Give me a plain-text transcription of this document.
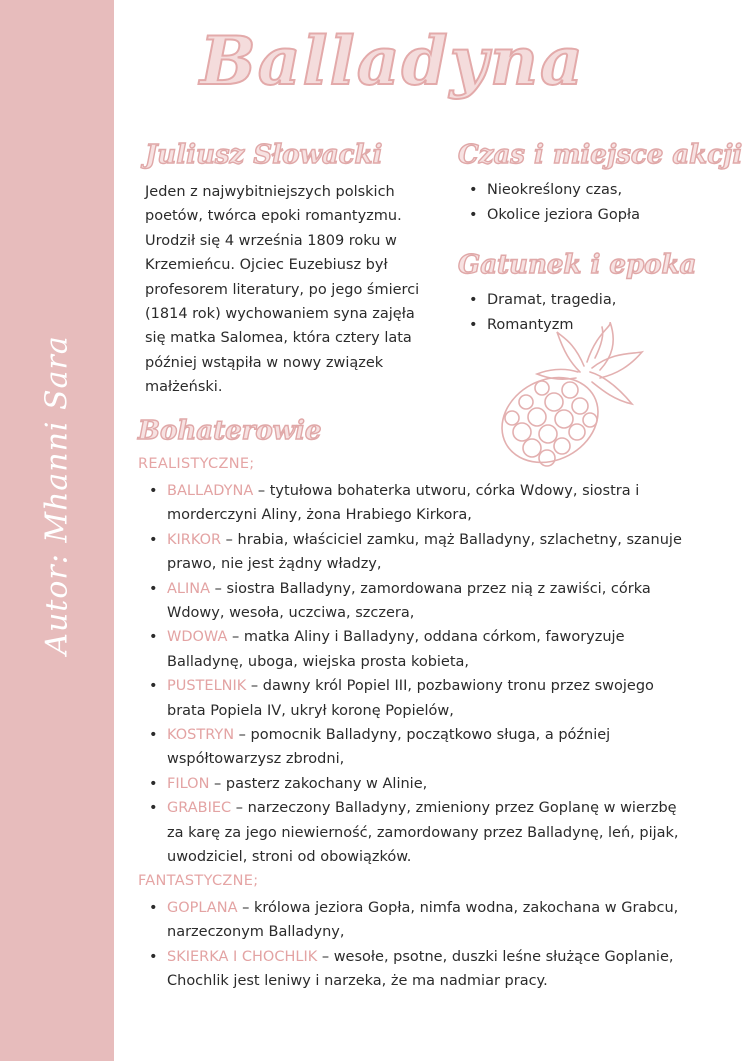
Autor: Mhanni Sara
Balladyna
Juliusz Słowacki

Jeden z najwybitniejszych polskich poetów, twórca epoki romantyzmu. Urodził się 4 września 1809 roku w Krzemieńcu. Ojciec Euzebiusz był profesorem literatury, po jego śmierci (1814 rok) wychowaniem syna zajęła się matka Salomea, która cztery lata później wstąpiła w nowy związek małżeński.

Czas i miejsce akcji
• Nieokreślony czas,
• Okolice jeziora Gopła
Gatunek i epoka
• Dramat, tragedia,
• Romantyzm
Bohaterowie
REALISTYCZNE;
• BALLADYNA – tytułowa bohaterka utworu, córka Wdowy, siostra i morderczyni Aliny, żona Hrabiego Kirkora,
• KIRKOR – hrabia, właściciel zamku, mąż Balladyny, szlachetny, szanuje prawo, nie jest żądny władzy,
• ALINA – siostra Balladyny, zamordowana przez nią z zawiści, córka Wdowy, wesoła, uczciwa, szczera,
• WDOWA – matka Aliny i Balladyny, oddana córkom, faworyzuje Balladynę, uboga, wiejska prosta kobieta,
• PUSTELNIK – dawny król Popiel III, pozbawiony tronu przez swojego brata Popiela IV, ukrył koronę Popielów,
• KOSTRYN – pomocnik Balladyny, początkowo sługa, a później współtowarzysz zbrodni,
• FILON – pasterz zakochany w Alinie,
• GRABIEC – narzeczony Balladyny, zmieniony przez Goplanę w wierzbę za karę za jego niewierność, zamordowany przez Balladynę, leń, pijak, uwodziciel, stroni od obowiązków.
FANTASTYCZNE;
• GOPLANA – królowa jeziora Gopła, nimfa wodna, zakochana w Grabcu, narzeczonym Balladyny,
• SKIERKA I CHOCHLIK – wesołe, psotne, duszki leśne służące Goplanie, Chochlik jest leniwy i narzeka, że ma nadmiar pracy.
